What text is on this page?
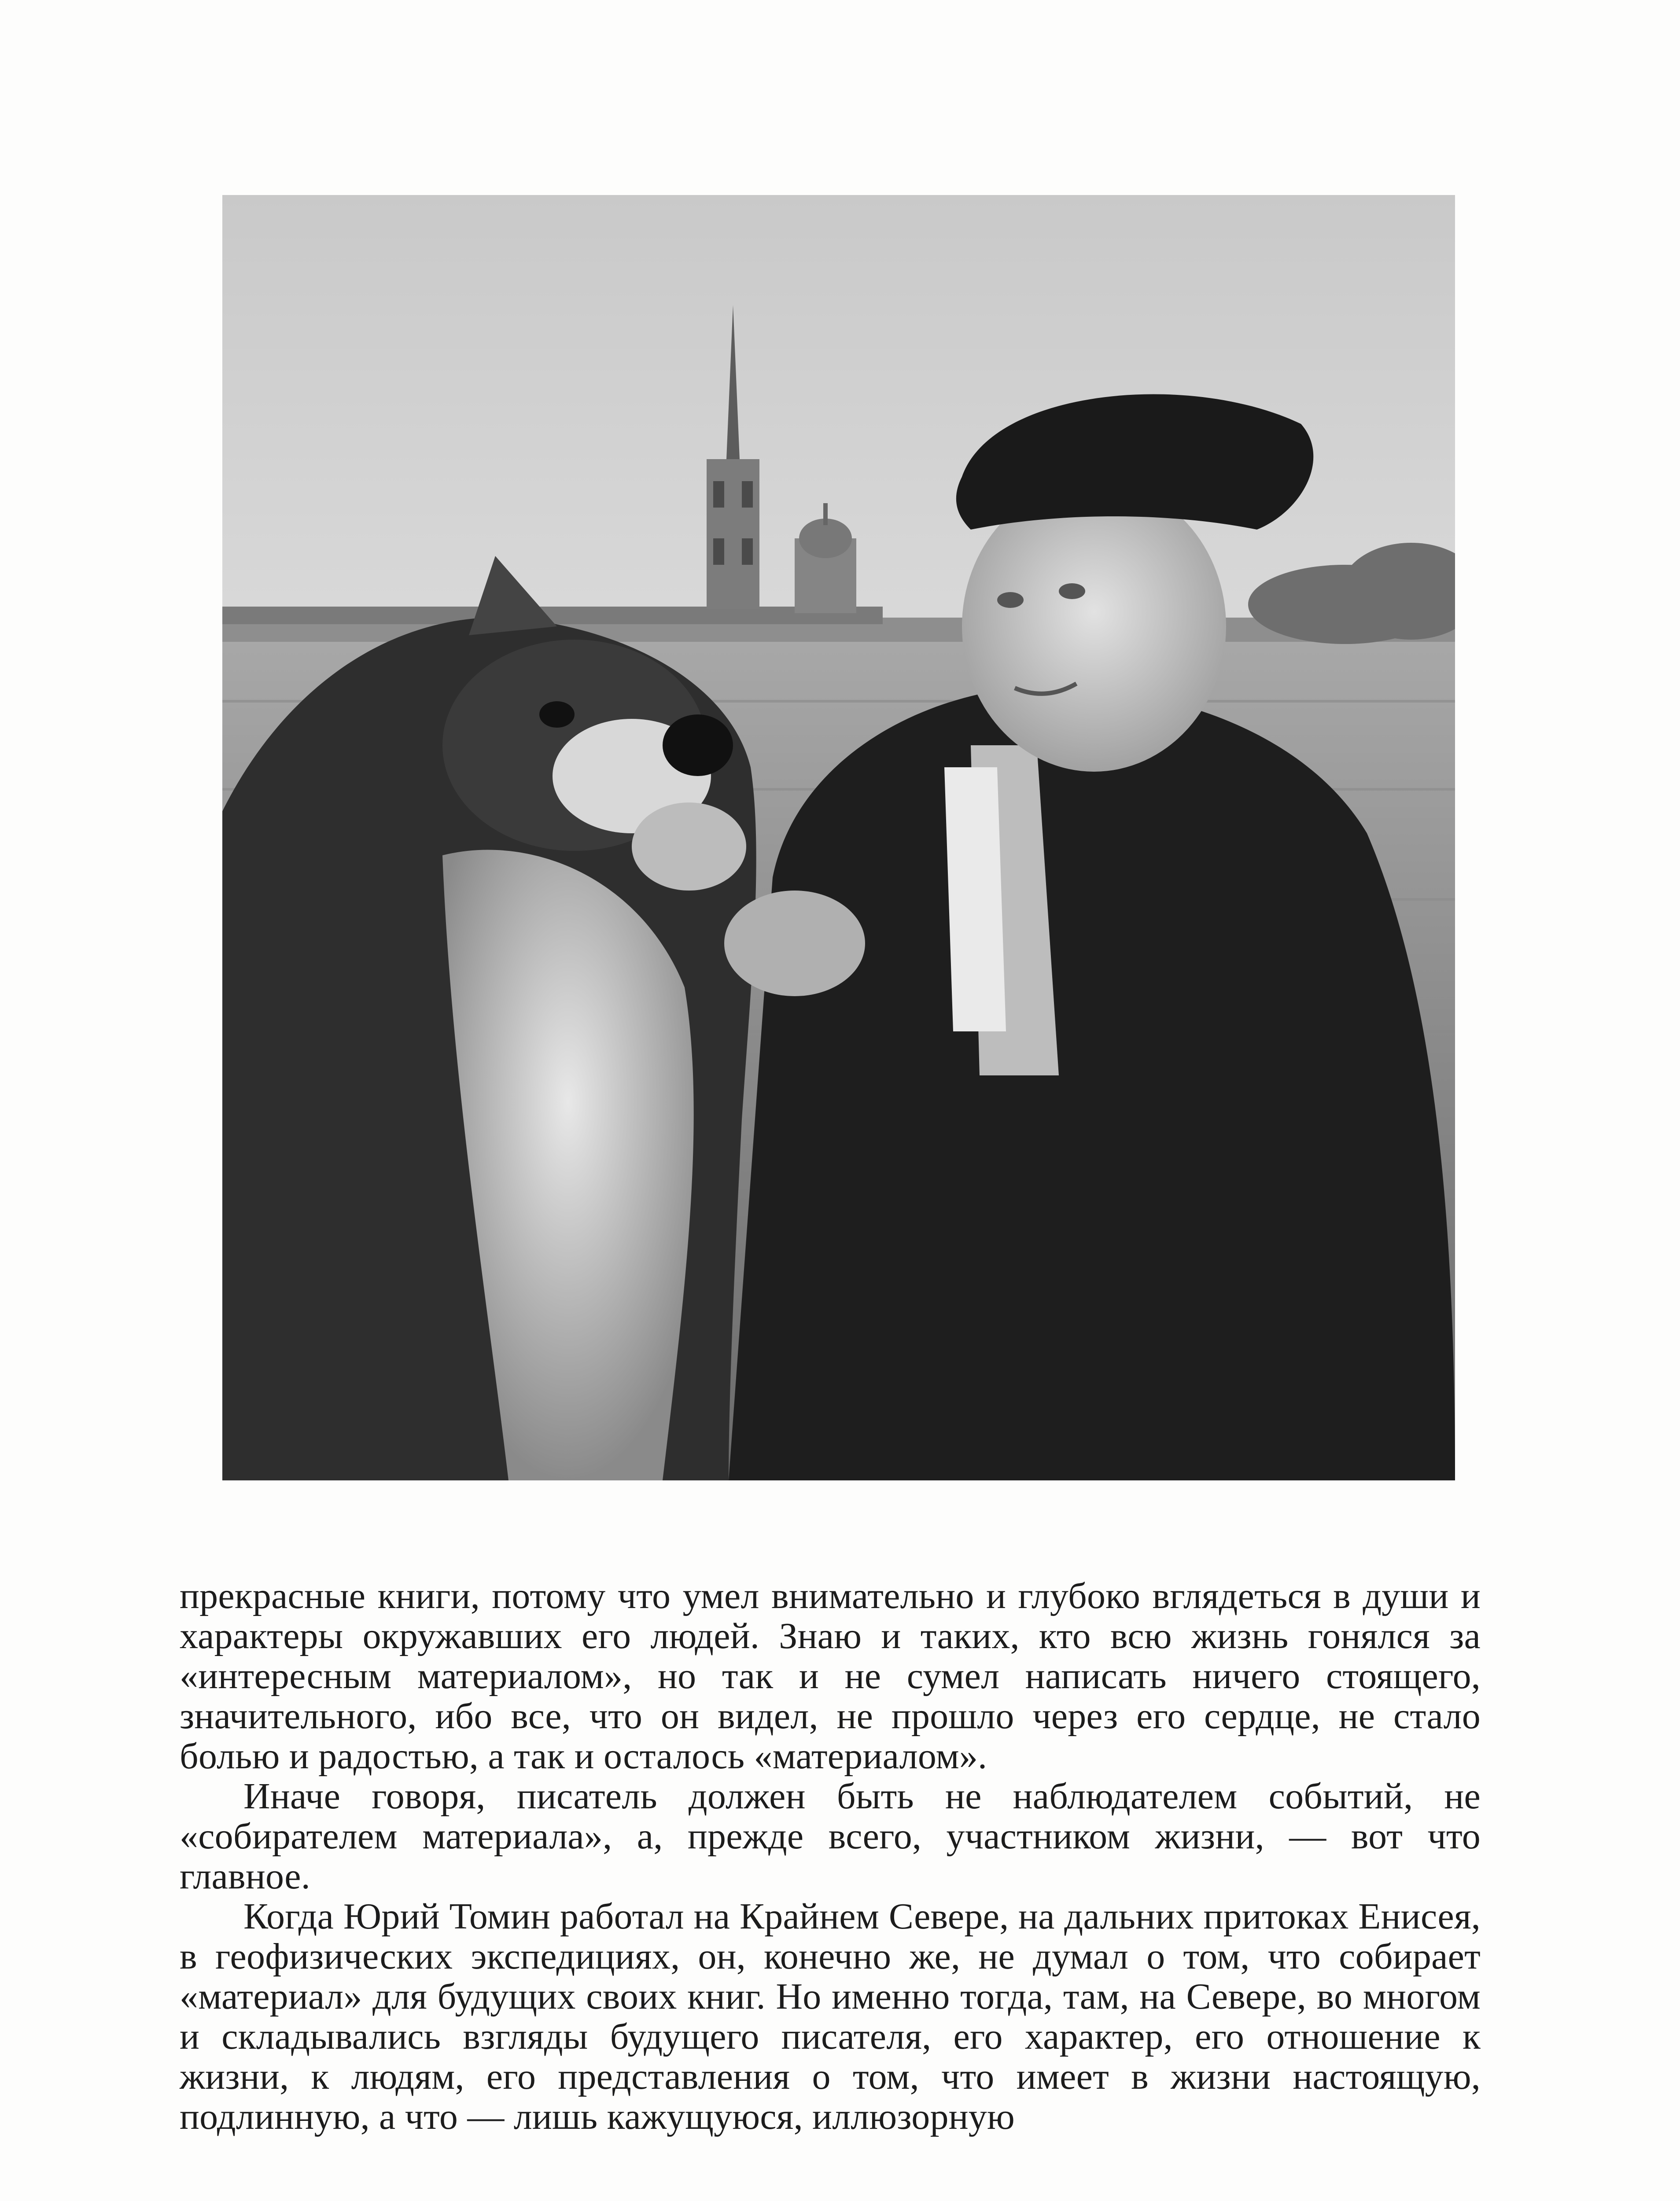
прекрасные книги, потому что умел внимательно и глубоко вглядеться в души и характеры окружавших его людей. Знаю и таких, кто всю жизнь гонялся за «интересным материалом», но так и не сумел написать ничего стоящего, значительного, ибо все, что он видел, не прошло через его сердце, не стало болью и радостью, а так и осталось «материалом».

Иначе говоря, писатель должен быть не наблюдателем событий, не «собирателем материала», а, прежде всего, участником жизни, — вот что главное.

Когда Юрий Томин работал на Крайнем Севере, на дальних притоках Енисея, в геофизических экспедициях, он, конечно же, не думал о том, что собирает «материал» для будущих своих книг. Но именно тогда, там, на Севере, во многом и складывались взгляды будущего писателя, его характер, его отношение к жизни, к людям, его представления о том, что имеет в жизни настоящую, подлинную, а что — лишь кажущуюся, иллюзорную
